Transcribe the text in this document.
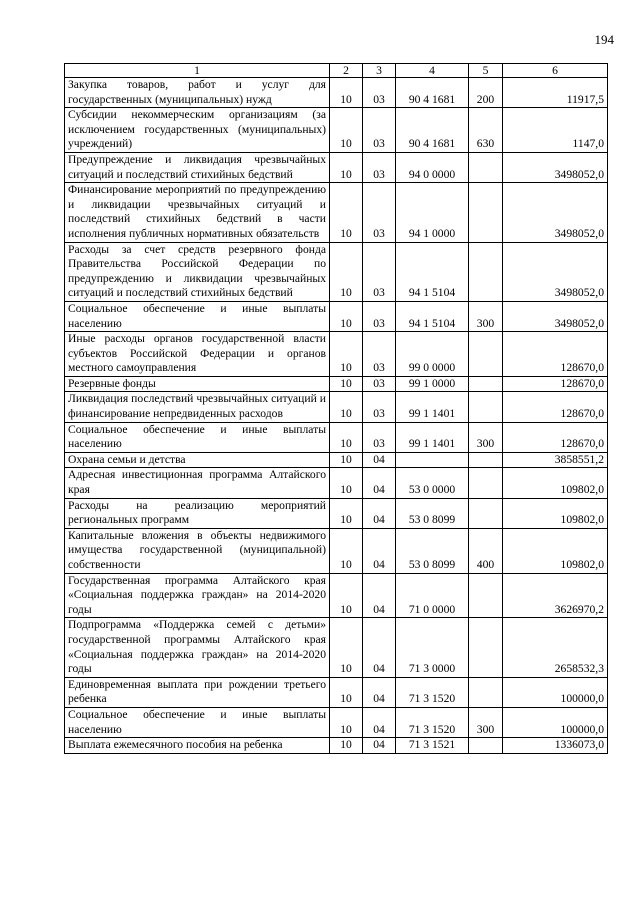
194
1	2	3	4	5	6
Закупка товаров, работ и услуг для государственных (муниципальных) нужд	10	03	90 4 1681	200	11917,5
Субсидии некоммерческим организациям (за исключением государственных (муниципальных) учреждений)	10	03	90 4 1681	630	1147,0
Предупреждение и ликвидация чрезвычайных ситуаций и последствий стихийных бедствий	10	03	94 0 0000		3498052,0
Финансирование мероприятий по предупреждению и ликвидации чрезвычайных ситуаций и последствий стихийных бедствий в части исполнения публичных нормативных обязательств	10	03	94 1 0000		3498052,0
Расходы за счет средств резервного фонда Правительства Российской Федерации по предупреждению и ликвидации чрезвычайных ситуаций и последствий стихийных бедствий	10	03	94 1 5104		3498052,0
Социальное обеспечение и иные выплаты населению	10	03	94 1 5104	300	3498052,0
Иные расходы органов государственной власти субъектов Российской Федерации и органов местного самоуправления	10	03	99 0 0000		128670,0
Резервные фонды	10	03	99 1 0000		128670,0
Ликвидация последствий чрезвычайных ситуаций и финансирование непредвиденных расходов	10	03	99 1 1401		128670,0
Социальное обеспечение и иные выплаты населению	10	03	99 1 1401	300	128670,0
Охрана семьи и детства	10	04			3858551,2
Адресная инвестиционная программа Алтайского края	10	04	53 0 0000		109802,0
Расходы на реализацию мероприятий региональных программ	10	04	53 0 8099		109802,0
Капитальные вложения в объекты недвижимого имущества государственной (муниципальной) собственности	10	04	53 0 8099	400	109802,0
Государственная программа Алтайского края «Социальная поддержка граждан» на 2014-2020 годы	10	04	71 0 0000		3626970,2
Подпрограмма «Поддержка семей с детьми» государственной программы Алтайского края «Социальная поддержка граждан» на 2014-2020 годы	10	04	71 3 0000		2658532,3
Единовременная выплата при рождении третьего ребенка	10	04	71 3 1520		100000,0
Социальное обеспечение и иные выплаты населению	10	04	71 3 1520	300	100000,0
Выплата ежемесячного пособия на ребенка	10	04	71 3 1521		1336073,0
